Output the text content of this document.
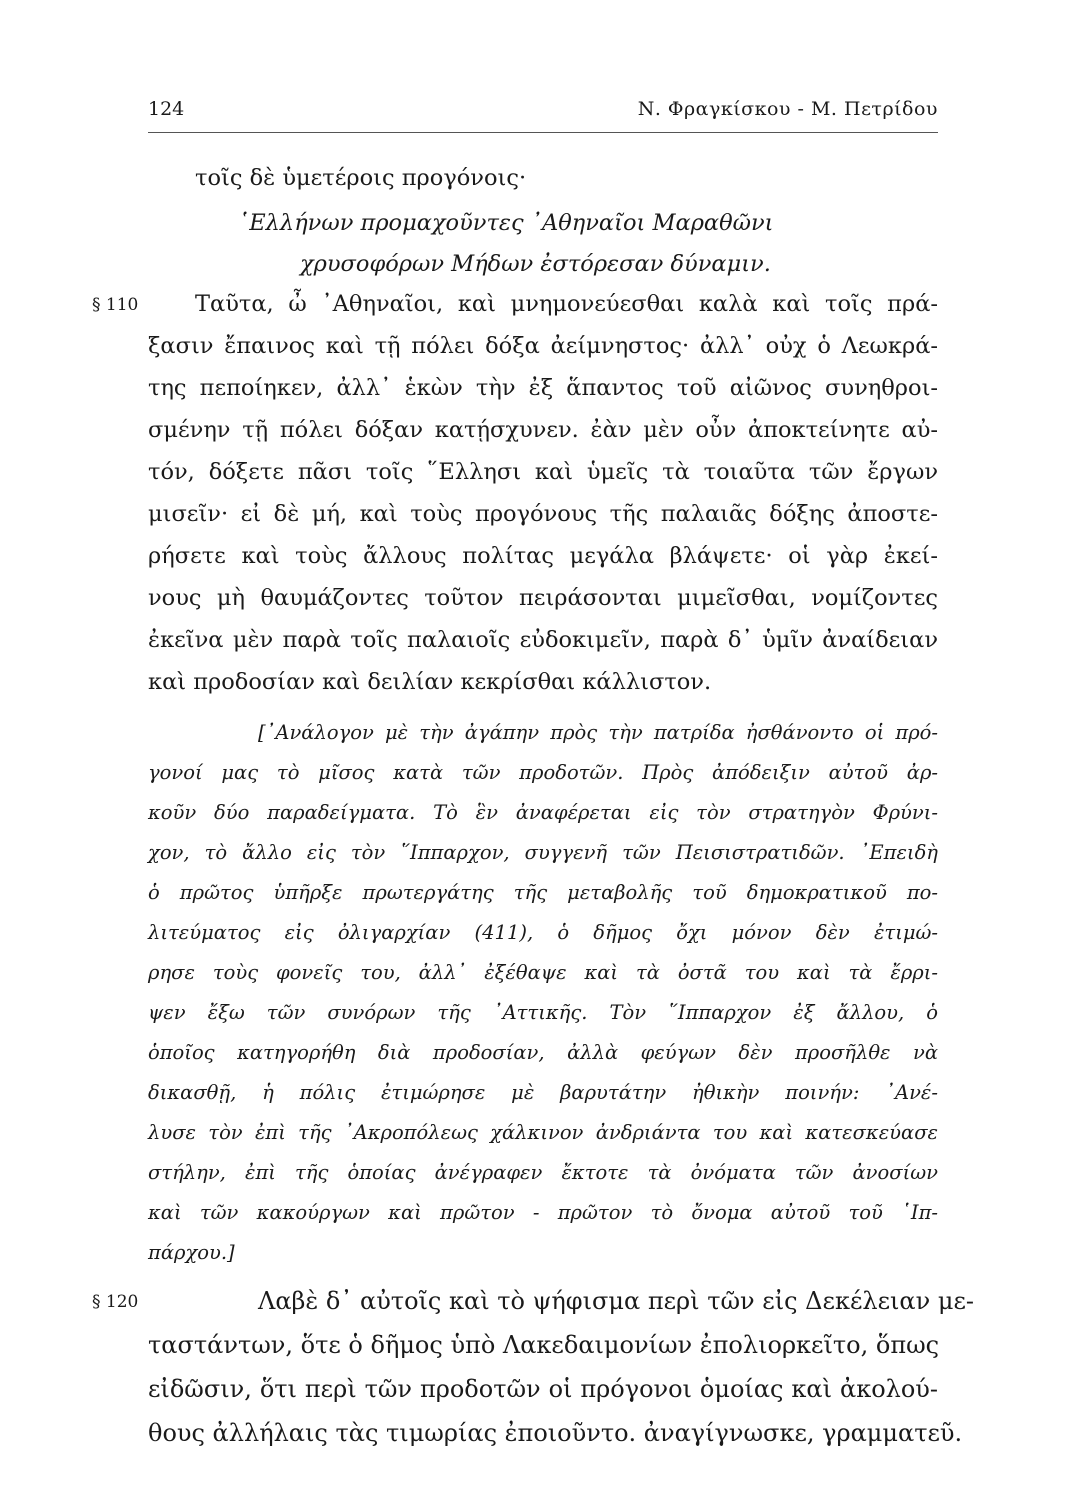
124	Ν. Φραγκίσκου - Μ. Πετρίδου
τοῖς δὲ ὑμετέροις προγόνοις·
῾Ελλήνων προμαχοῦντες ᾿Αθηναῖοι Μαραθῶνι
χρυσοφόρων Μήδων ἐστόρεσαν δύναμιν.
§ 110	Ταῦτα, ὦ ᾿Αθηναῖοι, καὶ μνημονεύεσθαι καλὰ καὶ τοῖς πρά-
ξασιν ἔπαινος καὶ τῇ πόλει δόξα ἀείμνηστος· ἀλλ᾿ οὐχ ὁ Λεωκρά-
της πεποίηκεν, ἀλλ᾿ ἑκὼν τὴν ἐξ ἅπαντος τοῦ αἰῶνος συνηθροι-
σμένην τῇ πόλει δόξαν κατῄσχυνεν. ἐὰν μὲν οὖν ἀποκτείνητε αὐ-
τόν, δόξετε πᾶσι τοῖς ῞Ελλησι καὶ ὑμεῖς τὰ τοιαῦτα τῶν ἔργων
μισεῖν· εἰ δὲ μή, καὶ τοὺς προγόνους τῆς παλαιᾶς δόξης ἀποστε-
ρήσετε καὶ τοὺς ἄλλους πολίτας μεγάλα βλάψετε· οἱ γὰρ ἐκεί-
νους μὴ θαυμάζοντες τοῦτον πειράσονται μιμεῖσθαι, νομίζοντες
ἐκεῖνα μὲν παρὰ τοῖς παλαιοῖς εὐδοκιμεῖν, παρὰ δ᾿ ὑμῖν ἀναίδειαν
καὶ προδοσίαν καὶ δειλίαν κεκρίσθαι κάλλιστον.
[᾿Ανάλογον μὲ τὴν ἀγάπην πρὸς τὴν πατρίδα ἠσθάνοντο οἱ πρό-
γονοί μας τὸ μῖσος κατὰ τῶν προδοτῶν. Πρὸς ἀπόδειξιν αὐτοῦ ἀρ-
κοῦν δύο παραδείγματα. Τὸ ἓν ἀναφέρεται εἰς τὸν στρατηγὸν Φρύνι-
χον, τὸ ἄλλο εἰς τὸν ῞Ιππαρχον, συγγενῆ τῶν Πεισιστρατιδῶν. ᾿Επειδὴ
ὁ πρῶτος ὑπῆρξε πρωτεργάτης τῆς μεταβολῆς τοῦ δημοκρατικοῦ πο-
λιτεύματος εἰς ὀλιγαρχίαν (411), ὁ δῆμος ὄχι μόνον δὲν ἐτιμώ-
ρησε τοὺς φονεῖς του, ἀλλ᾿ ἐξέθαψε καὶ τὰ ὀστᾶ του καὶ τὰ ἔρρι-
ψεν ἔξω τῶν συνόρων τῆς ᾿Αττικῆς. Τὸν ῞Ιππαρχον ἐξ ἄλλου, ὁ
ὁποῖος κατηγορήθη διὰ προδοσίαν, ἀλλὰ φεύγων δὲν προσῆλθε νὰ
δικασθῇ, ἡ πόλις ἐτιμώρησε μὲ βαρυτάτην ἠθικὴν ποινήν: ᾿Ανέ-
λυσε τὸν ἐπὶ τῆς ᾿Ακροπόλεως χάλκινον ἀνδριάντα του καὶ κατεσκεύασε
στήλην, ἐπὶ τῆς ὁποίας ἀνέγραφεν ἔκτοτε τὰ ὀνόματα τῶν ἀνοσίων
καὶ τῶν κακούργων καὶ πρῶτον - πρῶτον τὸ ὄνομα αὐτοῦ τοῦ ῾Ιπ-
πάρχου.]
§ 120	Λαβὲ δ᾿ αὐτοῖς καὶ τὸ ψήφισμα περὶ τῶν εἰς Δεκέλειαν με-
ταστάντων, ὅτε ὁ δῆμος ὑπὸ Λακεδαιμονίων ἐπολιορκεῖτο, ὅπως
εἰδῶσιν, ὅτι περὶ τῶν προδοτῶν οἱ πρόγονοι ὁμοίας καὶ ἀκολού-
θους ἀλλήλαις τὰς τιμωρίας ἐποιοῦντο. ἀναγίγνωσκε, γραμματεῦ.
